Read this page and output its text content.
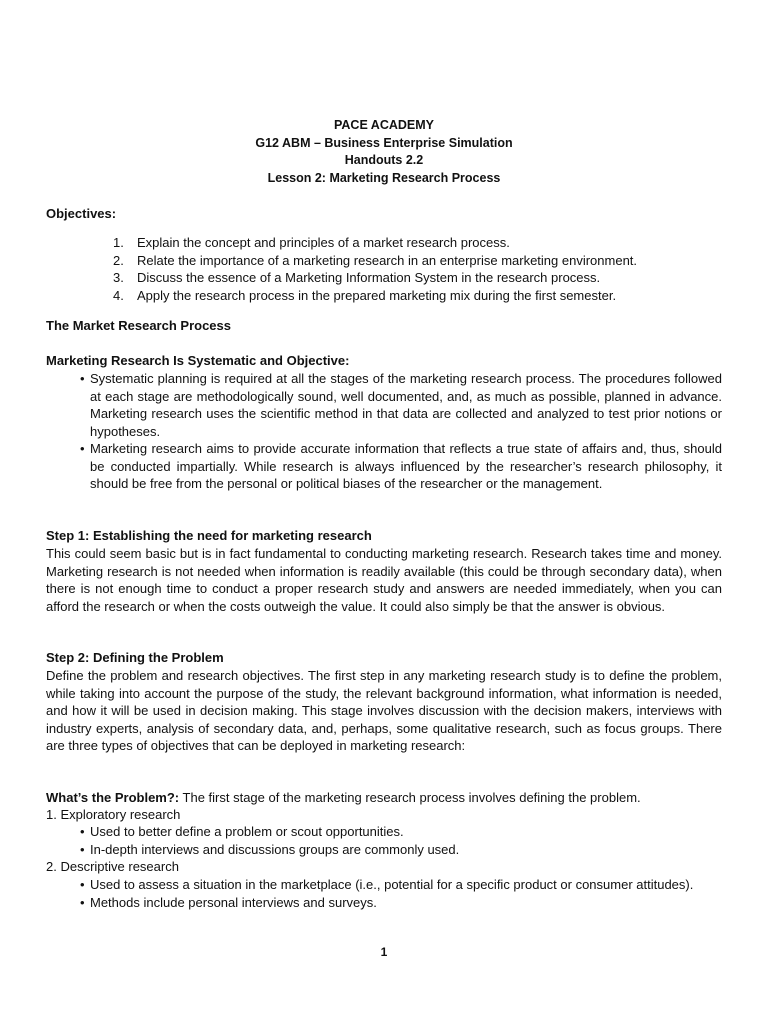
PACE ACADEMY
G12 ABM – Business Enterprise Simulation
Handouts 2.2
Lesson 2: Marketing Research Process
Objectives:
1. Explain the concept and principles of a market research process.
2. Relate the importance of a marketing research in an enterprise marketing environment.
3. Discuss the essence of a Marketing Information System in the research process.
4. Apply the research process in the prepared marketing mix during the first semester.
The Market Research Process
Marketing Research Is Systematic and Objective:
• Systematic planning is required at all the stages of the marketing research process. The procedures followed at each stage are methodologically sound, well documented, and, as much as possible, planned in advance. Marketing research uses the scientific method in that data are collected and analyzed to test prior notions or hypotheses.
• Marketing research aims to provide accurate information that reflects a true state of affairs and, thus, should be conducted impartially. While research is always influenced by the researcher’s research philosophy, it should be free from the personal or political biases of the researcher or the management.
Step 1: Establishing the need for marketing research
This could seem basic but is in fact fundamental to conducting marketing research. Research takes time and money. Marketing research is not needed when information is readily available (this could be through secondary data), when there is not enough time to conduct a proper research study and answers are needed immediately, when you can afford the research or when the costs outweigh the value. It could also simply be that the answer is obvious.
Step 2: Defining the Problem
Define the problem and research objectives. The first step in any marketing research study is to define the problem, while taking into account the purpose of the study, the relevant background information, what information is needed, and how it will be used in decision making. This stage involves discussion with the decision makers, interviews with industry experts, analysis of secondary data, and, perhaps, some qualitative research, such as focus groups. There are three types of objectives that can be deployed in marketing research:
What’s the Problem?: The first stage of the marketing research process involves defining the problem.
1. Exploratory research
• Used to better define a problem or scout opportunities.
• In-depth interviews and discussions groups are commonly used.
2. Descriptive research
• Used to assess a situation in the marketplace (i.e., potential for a specific product or consumer attitudes).
• Methods include personal interviews and surveys.
1
